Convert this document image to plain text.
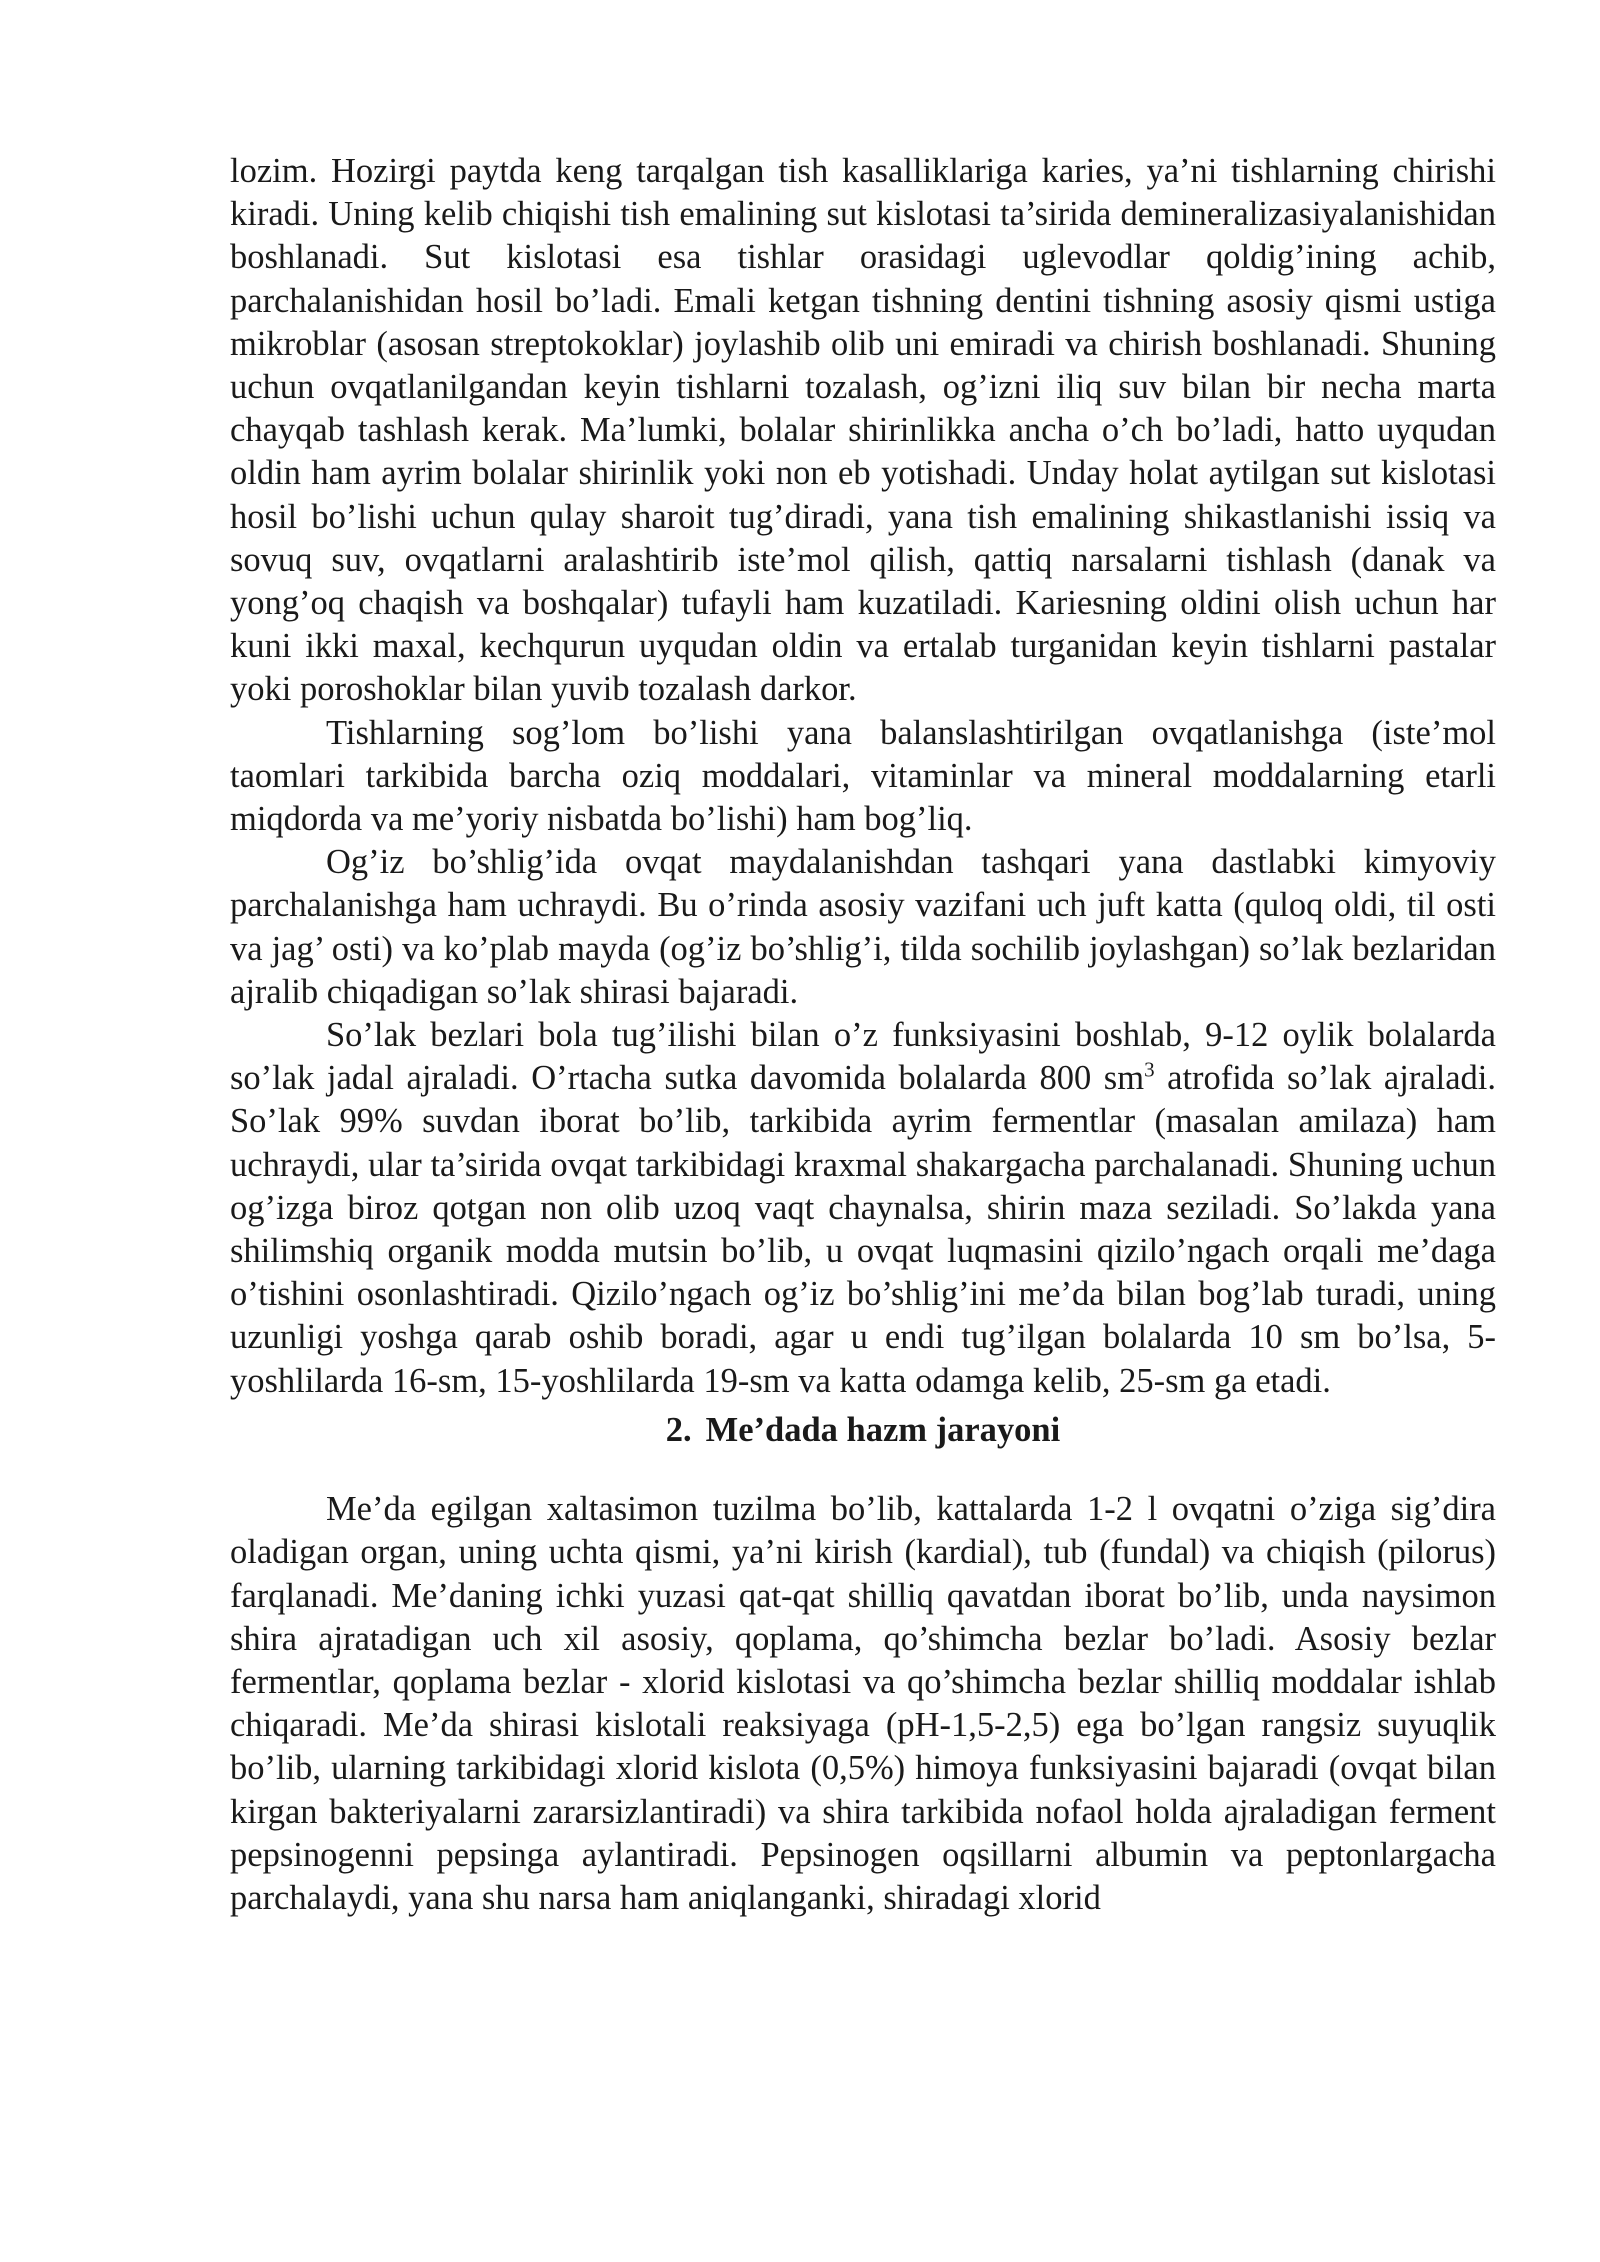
lozim. Hozirgi paytda keng tarqalgan tish kasalliklariga karies, ya’ni tishlarning chirishi kiradi. Uning kelib chiqishi tish emalining sut kislotasi ta’sirida demineralizasiyalanishidan boshlanadi. Sut kislotasi esa tishlar orasidagi uglevodlar qoldig’ining achib, parchalanishidan hosil bo’ladi. Emali ketgan tishning dentini tishning asosiy qismi ustiga mikroblar (asosan streptokoklar) joylashib olib uni emiradi va chirish boshlanadi. Shuning uchun ovqatlanilgandan keyin tishlarni tozalash, og’izni iliq suv bilan bir necha marta chayqab tashlash kerak. Ma’lumki, bolalar shirinlikka ancha o’ch bo’ladi, hatto uyqudan oldin ham ayrim bolalar shirinlik yoki non eb yotishadi. Unday holat aytilgan sut kislotasi hosil bo’lishi uchun qulay sharoit tug’diradi, yana tish emalining shikastlanishi issiq va sovuq suv, ovqatlarni aralashtirib iste’mol qilish, qattiq narsalarni tishlash (danak va yong’oq chaqish va boshqalar) tufayli ham kuzatiladi. Kariesning oldini olish uchun har kuni ikki maxal, kechqurun uyqudan oldin va ertalab turganidan keyin tishlarni pastalar yoki poroshoklar bilan yuvib tozalash darkor.

Tishlarning sog’lom bo’lishi yana balanslashtirilgan ovqatlanishga (iste’mol taomlari tarkibida barcha oziq moddalari, vitaminlar va mineral moddalarning etarli miqdorda va me’yoriy nisbatda bo’lishi) ham bog’liq.

Og’iz bo’shlig’ida ovqat maydalanishdan tashqari yana dastlabki kimyoviy parchalanishga ham uchraydi. Bu o’rinda asosiy vazifani uch juft katta (quloq oldi, til osti va jag’ osti) va ko’plab mayda (og’iz bo’shlig’i, tilda sochilib joylashgan) so’lak bezlaridan ajralib chiqadigan so’lak shirasi bajaradi.

So’lak bezlari bola tug’ilishi bilan o’z funksiyasini boshlab, 9-12 oylik bolalarda so’lak jadal ajraladi. O’rtacha sutka davomida bolalarda 800 $sm^3$ atrofida so’lak ajraladi. So’lak 99% suvdan iborat bo’lib, tarkibida ayrim fermentlar (masalan amilaza) ham uchraydi, ular ta’sirida ovqat tarkibidagi kraxmal shakargacha parchalanadi. Shuning uchun og’izga biroz qotgan non olib uzoq vaqt chaynalsa, shirin maza seziladi. So’lakda yana shilimshiq organik modda mutsin bo’lib, u ovqat luqmasini qizilo’ngach orqali me’daga o’tishini osonlashtiradi. Qizilo’ngach og’iz bo’shlig’ini me’da bilan bog’lab turadi, uning uzunligi yoshga qarab oshib boradi, agar u endi tug’ilgan bolalarda 10 sm bo’lsa, 5-yoshlilarda 16-sm, 15-yoshlilarda 19-sm va katta odamga kelib, 25-sm ga etadi.

2. Me’dada hazm jarayoni

Me’da egilgan xaltasimon tuzilma bo’lib, kattalarda 1-2 l ovqatni o’ziga sig’dira oladigan organ, uning uchta qismi, ya’ni kirish (kardial), tub (fundal) va chiqish (pilorus) farqlanadi. Me’daning ichki yuzasi qat-qat shilliq qavatdan iborat bo’lib, unda naysimon shira ajratadigan uch xil asosiy, qoplama, qo’shimcha bezlar bo’ladi. Asosiy bezlar fermentlar, qoplama bezlar - xlorid kislotasi va qo’shimcha bezlar shilliq moddalar ishlab chiqaradi. Me’da shirasi kislotali reaksiyaga (pH-1,5-2,5) ega bo’lgan rangsiz suyuqlik bo’lib, ularning tarkibidagi xlorid kislota (0,5%) himoya funksiyasini bajaradi (ovqat bilan kirgan bakteriyalarni zararsizlantiradi) va shira tarkibida nofaol holda ajraladigan ferment pepsinogenni pepsinga aylantiradi. Pepsinogen oqsillarni albumin va peptonlargacha parchalaydi, yana shu narsa ham aniqlanganki, shiradagi xlorid
